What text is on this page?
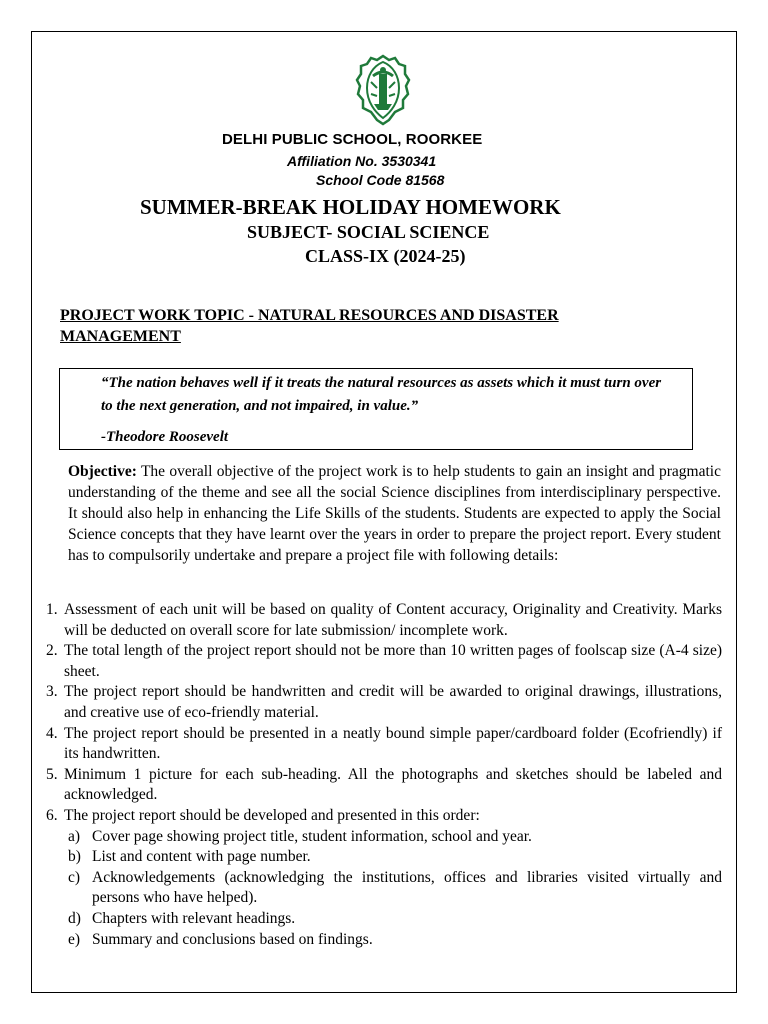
DELHI PUBLIC SCHOOL, ROORKEE
Affiliation No. 3530341
School Code 81568
SUMMER-BREAK HOLIDAY HOMEWORK
SUBJECT- SOCIAL SCIENCE
CLASS-IX (2024-25)
PROJECT WORK TOPIC - NATURAL RESOURCES AND DISASTER MANAGEMENT
“The nation behaves well if it treats the natural resources as assets which it must turn over to the next generation, and not impaired, in value.”
-Theodore Roosevelt
Objective: The overall objective of the project work is to help students to gain an insight and pragmatic understanding of the theme and see all the social Science disciplines from interdisciplinary perspective. It should also help in enhancing the Life Skills of the students. Students are expected to apply the Social Science concepts that they have learnt over the years in order to prepare the project report. Every student has to compulsorily undertake and prepare a project file with following details:
1. Assessment of each unit will be based on quality of Content accuracy, Originality and Creativity. Marks will be deducted on overall score for late submission/ incomplete work.
2. The total length of the project report should not be more than 10 written pages of foolscap size (A-4 size) sheet.
3. The project report should be handwritten and credit will be awarded to original drawings, illustrations, and creative use of eco-friendly material.
4. The project report should be presented in a neatly bound simple paper/cardboard folder (Ecofriendly) if its handwritten.
5. Minimum 1 picture for each sub-heading. All the photographs and sketches should be labeled and acknowledged.
6. The project report should be developed and presented in this order:
a) Cover page showing project title, student information, school and year.
b) List and content with page number.
c) Acknowledgements (acknowledging the institutions, offices and libraries visited virtually and persons who have helped).
d) Chapters with relevant headings.
e) Summary and conclusions based on findings.
